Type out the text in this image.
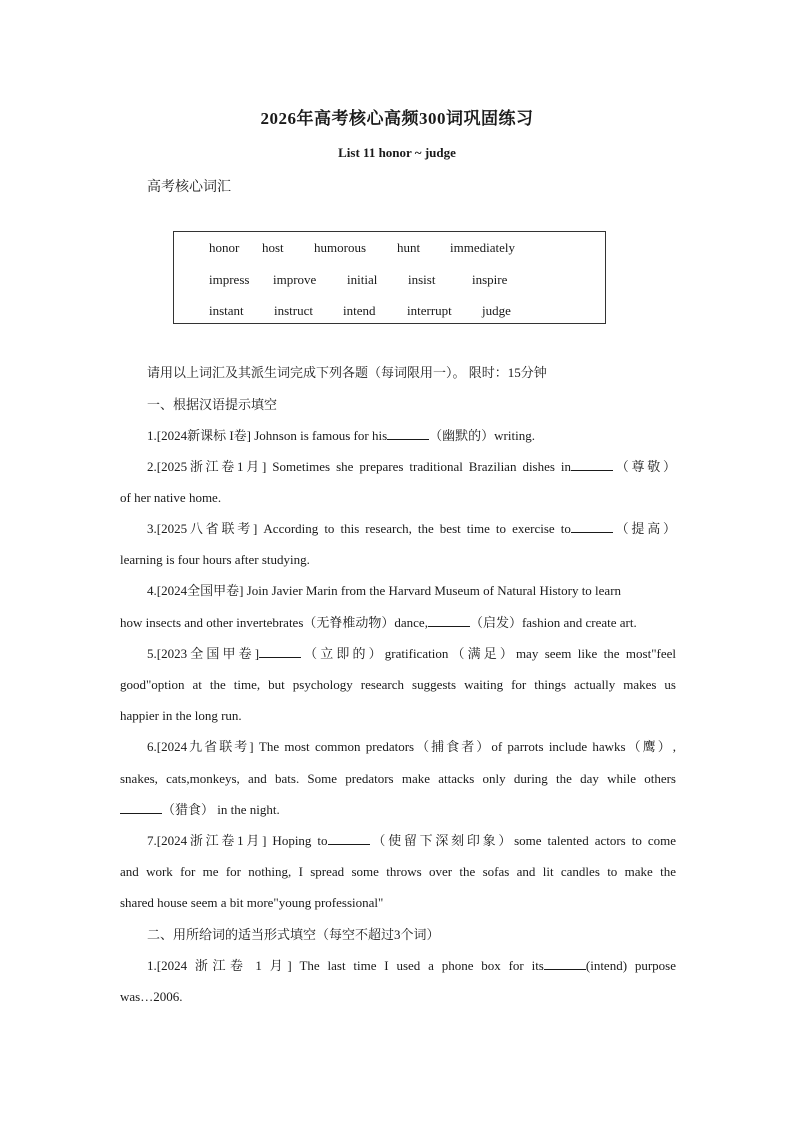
2026年高考核心高频300词巩固练习
List 11 honor ~ judge
高考核心词汇
honor host humorous hunt immediately
impress improve initial insist	inspire
instant instruct intend interrupt judge
请用以上词汇及其派生词完成下列各题（每词限用一）。 限时：15分钟
一、根据汉语提示填空
1.[2024新课标 I卷] Johnson is famous for his	（幽默的）writing.
2.[2025浙江卷1月] Sometimes she prepares traditional Brazilian dishes in	（尊敬）
of her native home.
3.[2025八省联考] According to this research, the best time to exercise to	（提高）
learning is four hours after studying.
4.[2024全国甲卷] Join Javier Marin from the Harvard Museum of Natural History to learn
how insects and other invertebrates（无脊椎动物）dance,	（启发）fashion and create art.
5.[2023全国甲卷]	（立即的）gratification（满足）may seem like the most"feel
good"option at the time, but psychology research suggests waiting for things actually makes us
happier in the long run.
6.[2024九省联考] The most common predators（捕食者）of parrots include hawks（鹰）,
snakes, cats,monkeys, and bats. Some predators make attacks only during the day while others
（猎食） in the night.
7.[2024浙江卷1月] Hoping to	（使留下深刻印象）some talented actors to come
and work for me for nothing, I spread some throws over the sofas and lit candles to make the
shared house seem a bit more"young professional"
二、用所给词的适当形式填空（每空不超过3个词）
1.[2024 浙江卷 1 月] The last time I used a phone box for its	(intend) purpose
was…2006.
